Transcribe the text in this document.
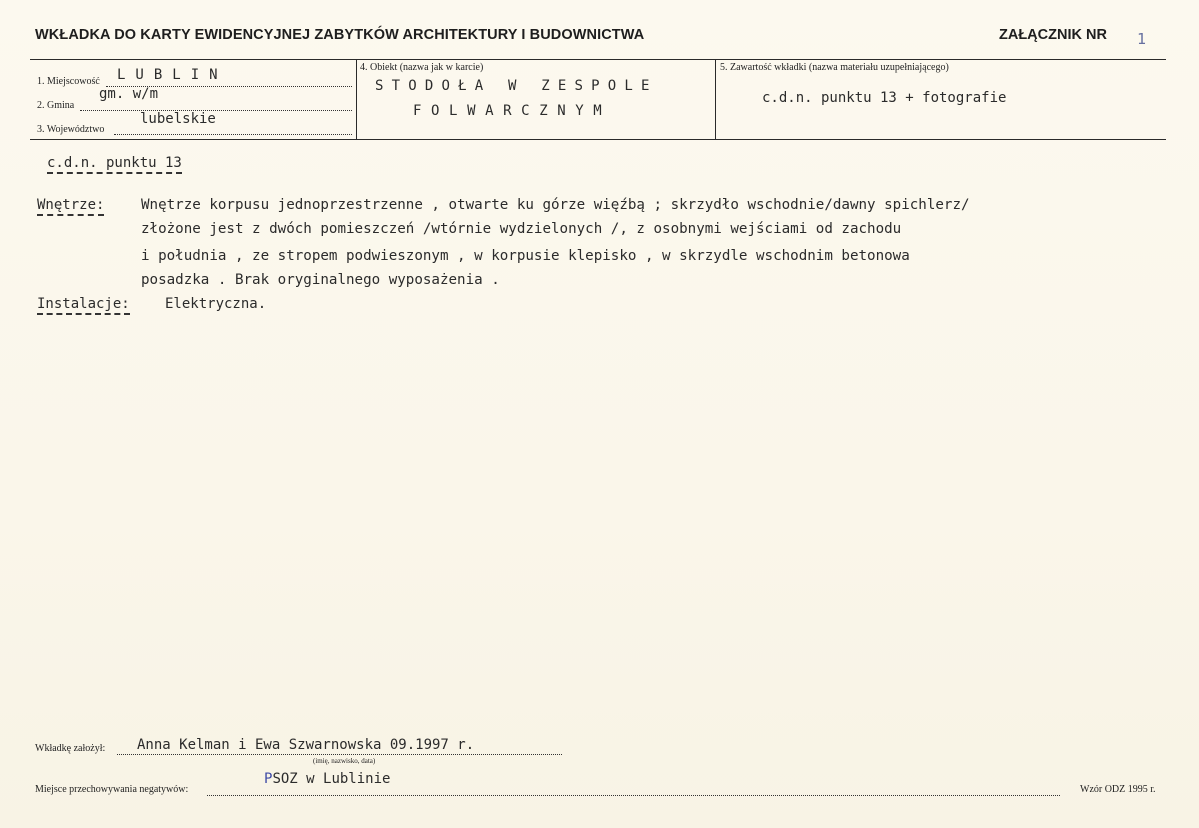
WKŁADKA DO KARTY EWIDENCYJNEJ ZABYTKÓW ARCHITEKTURY I BUDOWNICTWA	ZAŁĄCZNIK NR 1
1. Miejscowość LUBLIN
2. Gmina
gm. w/m
3. Województwo
lubelskie
4. Obiekt (nazwa jak w karcie)
STODOŁA W ZESPOLE
FOLWARCZNYM
5. Zawartość wkładki (nazwa materiału uzupełniającego)
c.d.n. punktu 13 + fotografie
c.d.n. punktu 13
Wnętrze:	Wnętrze korpusu jednoprzestrzenne , otwarte ku górze więźbą ; skrzydło wschodnie/dawny spichlerz/
złożone jest z dwóch pomieszczeń /wtórnie wydzielonych /, z osobnymi wejściami od zachodu
i południa , ze stropem podwieszonym , w korpusie klepisko , w skrzydle wschodnim betonowa
posadzka . Brak oryginalnego wyposażenia .
Instalacje:	Elektryczna.
Wkładkę założył: Anna Kelman i Ewa Szwarnowska 09.1997 r.
(imię, nazwisko, data)
Miejsce przechowywania negatywów:
PSOZ w Lublinie
Wzór ODZ 1995 r.
